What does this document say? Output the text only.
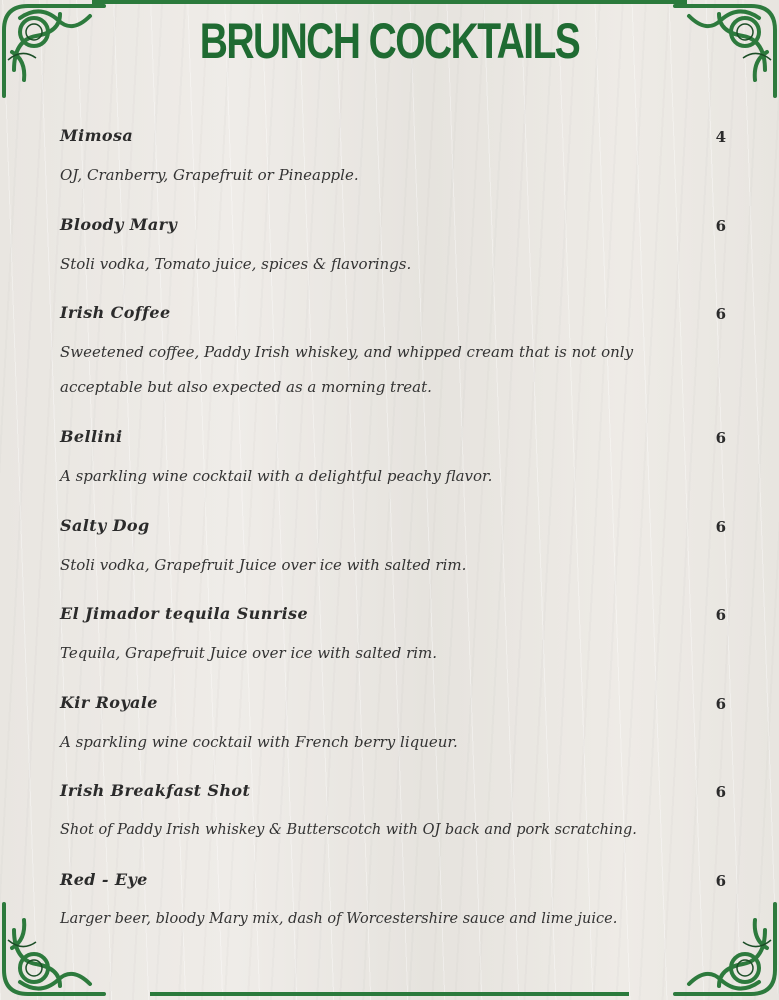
BRUNCH COCKTAILS
Mimosa	4
OJ, Cranberry, Grapefruit or Pineapple.
Bloody Mary	6
Stoli vodka, Tomato juice, spices & flavorings.
Irish Coffee	6
Sweetened coffee, Paddy Irish whiskey, and whipped cream that is not only acceptable but also expected as a morning treat.
Bellini	6
A sparkling wine cocktail with a delightful peachy flavor.
Salty Dog	6
Stoli vodka, Grapefruit Juice over ice with salted rim.
El Jimador tequila Sunrise	6
Tequila, Grapefruit Juice over ice with salted rim.
Kir Royale	6
A sparkling wine cocktail with French berry liqueur.
Irish Breakfast Shot	6
Shot of Paddy Irish whiskey & Butterscotch with OJ back and pork scratching.
Red - Eye	6
Larger beer, bloody Mary mix, dash of Worcestershire sauce and lime juice.
